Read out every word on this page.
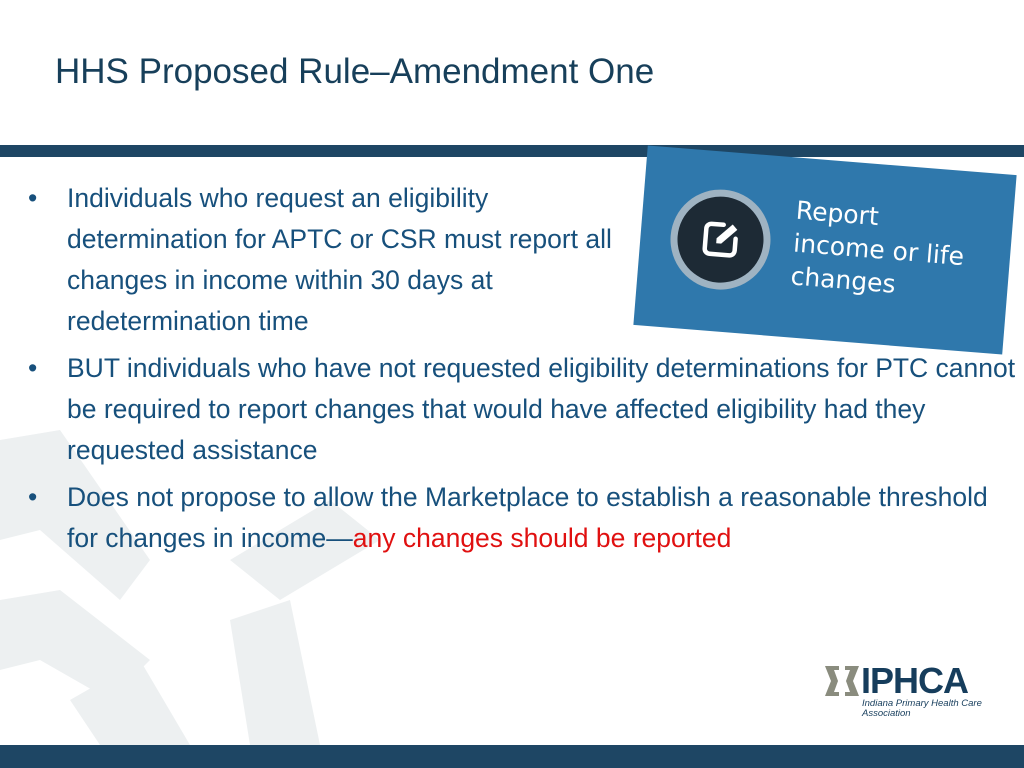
HHS Proposed Rule–Amendment One
Report
income or life
changes
• Individuals who request an eligibility determination for APTC or CSR must report all changes in income within 30 days at redetermination time
• BUT individuals who have not requested eligibility determinations for PTC cannot be required to report changes that would have affected eligibility had they requested assistance
• Does not propose to allow the Marketplace to establish a reasonable threshold for changes in income—any changes should be reported
IPHCA
Indiana Primary Health Care Association
